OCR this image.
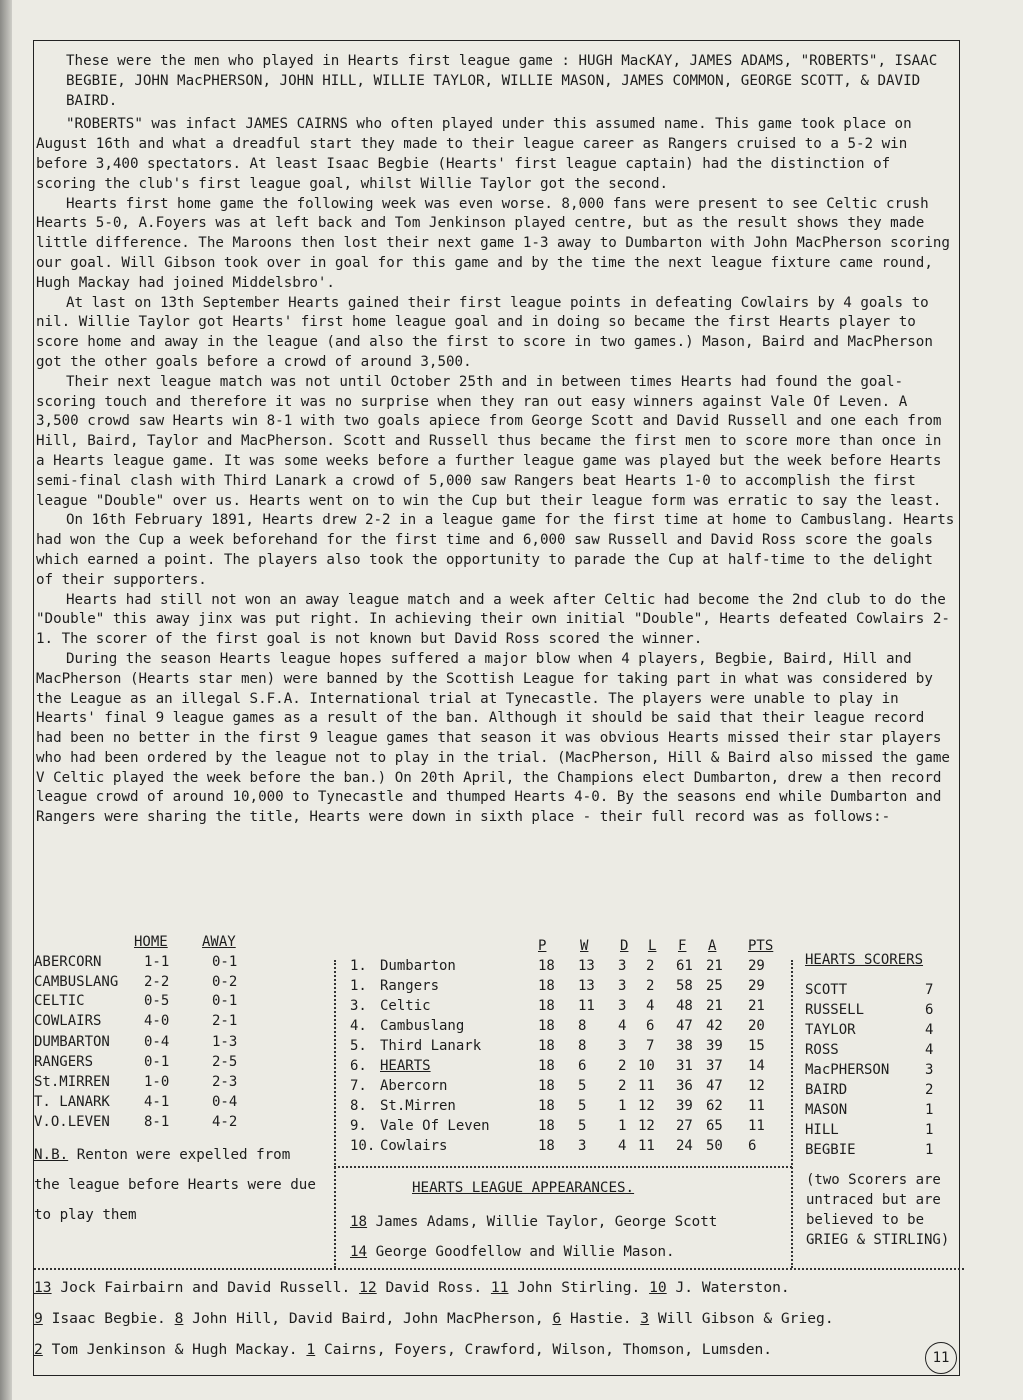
These were the men who played in Hearts first league game : HUGH MacKAY, JAMES ADAMS, "ROBERTS", ISAAC BEGBIE, JOHN MacPHERSON, JOHN HILL, WILLIE TAYLOR, WILLIE MASON, JAMES COMMON, GEORGE SCOTT, & DAVID BAIRD.

"ROBERTS" was infact JAMES CAIRNS who often played under this assumed name. This game took place on August 16th and what a dreadful start they made to their league career as Rangers cruised to a 5-2 win before 3,400 spectators. At least Isaac Begbie (Hearts' first league captain) had the distinction of scoring the club's first league goal, whilst Willie Taylor got the second.

Hearts first home game the following week was even worse. 8,000 fans were present to see Celtic crush Hearts 5-0, A.Foyers was at left back and Tom Jenkinson played centre, but as the result shows they made little difference. The Maroons then lost their next game 1-3 away to Dumbarton with John MacPherson scoring our goal. Will Gibson took over in goal for this game and by the time the next league fixture came round, Hugh Mackay had joined Middelsbro'.

At last on 13th September Hearts gained their first league points in defeating Cowlairs by 4 goals to nil. Willie Taylor got Hearts' first home league goal and in doing so became the first Hearts player to score home and away in the league (and also the first to score in two games.) Mason, Baird and MacPherson got the other goals before a crowd of around 3,500.

Their next league match was not until October 25th and in between times Hearts had found the goal-scoring touch and therefore it was no surprise when they ran out easy winners against Vale Of Leven. A 3,500 crowd saw Hearts win 8-1 with two goals apiece from George Scott and David Russell and one each from Hill, Baird, Taylor and MacPherson. Scott and Russell thus became the first men to score more than once in a Hearts league game. It was some weeks before a further league game was played but the week before Hearts semi-final clash with Third Lanark a crowd of 5,000 saw Rangers beat Hearts 1-0 to accomplish the first league "Double" over us. Hearts went on to win the Cup but their league form was erratic to say the least.

On 16th February 1891, Hearts drew 2-2 in a league game for the first time at home to Cambuslang. Hearts had won the Cup a week beforehand for the first time and 6,000 saw Russell and David Ross score the goals which earned a point. The players also took the opportunity to parade the Cup at half-time to the delight of their supporters.

Hearts had still not won an away league match and a week after Celtic had become the 2nd club to do the "Double" this away jinx was put right. In achieving their own initial "Double", Hearts defeated Cowlairs 2-1. The scorer of the first goal is not known but David Ross scored the winner.

During the season Hearts league hopes suffered a major blow when 4 players, Begbie, Baird, Hill and MacPherson (Hearts star men) were banned by the Scottish League for taking part in what was considered by the League as an illegal S.F.A. International trial at Tynecastle. The players were unable to play in Hearts' final 9 league games as a result of the ban. Although it should be said that their league record had been no better in the first 9 league games that season it was obvious Hearts missed their star players who had been ordered by the league not to play in the trial. (MacPherson, Hill & Baird also missed the game V Celtic played the week before the ban.) On 20th April, the Champions elect Dumbarton, drew a then record league crowd of around 10,000 to Tynecastle and thumped Hearts 4-0. By the seasons end while Dumbarton and Rangers were sharing the title, Hearts were down in sixth place - their full record was as follows:-

HOME AWAY
ABERCORN	1-1	0-1
CAMBUSLANG 2-2	0-2
CELTIC	0-5	0-1
COWLAIRS	4-0	2-1
DUMBARTON 0-4	1-3
RANGERS	0-1	2-5
St.MIRREN 1-0	2-3
T. LANARK 4-1	0-4
V.O.LEVEN 8-1	4-2
N.B. Renton were expelled from the league before Hearts were due to play them
P W D L F A PTS
1. Dumbarton	18 13 3 2 61 21 29
1. Rangers	18 13 3 2 58 25 29
3. Celtic	18 11 3 4 48 21 21
4. Cambuslang	18 8 4 6 47 42 20
5. Third Lanark	18 8 3 7 38 39 15
6. HEARTS	18 6 2 10 31 37 14
7. Abercorn	18 5 2 11 36 47 12
8. St.Mirren	18 5 1 12 39 62 11
9. Vale Of Leven	18 5 1 12 27 65 11
10. Cowlairs	18 3 4 11 24 50 6
HEARTS SCORERS
SCOTT	7
RUSSELL	6
TAYLOR	4
ROSS	4
MacPHERSON	3
BAIRD	2
MASON	1
HILL	1
BEGBIE	1
(two Scorers are untraced but are believed to be GRIEG & STIRLING)
HEARTS LEAGUE APPEARANCES.
18 James Adams, Willie Taylor, George Scott
14 George Goodfellow and Willie Mason.

13 Jock Fairbairn and David Russell. 12 David Ross. 11 John Stirling. 10 J. Waterston.

9 Isaac Begbie. 8 John Hill, David Baird, John MacPherson, 6 Hastie. 3 Will Gibson & Grieg.

2 Tom Jenkinson & Hugh Mackay. 1 Cairns, Foyers, Crawford, Wilson, Thomson, Lumsden.	11
